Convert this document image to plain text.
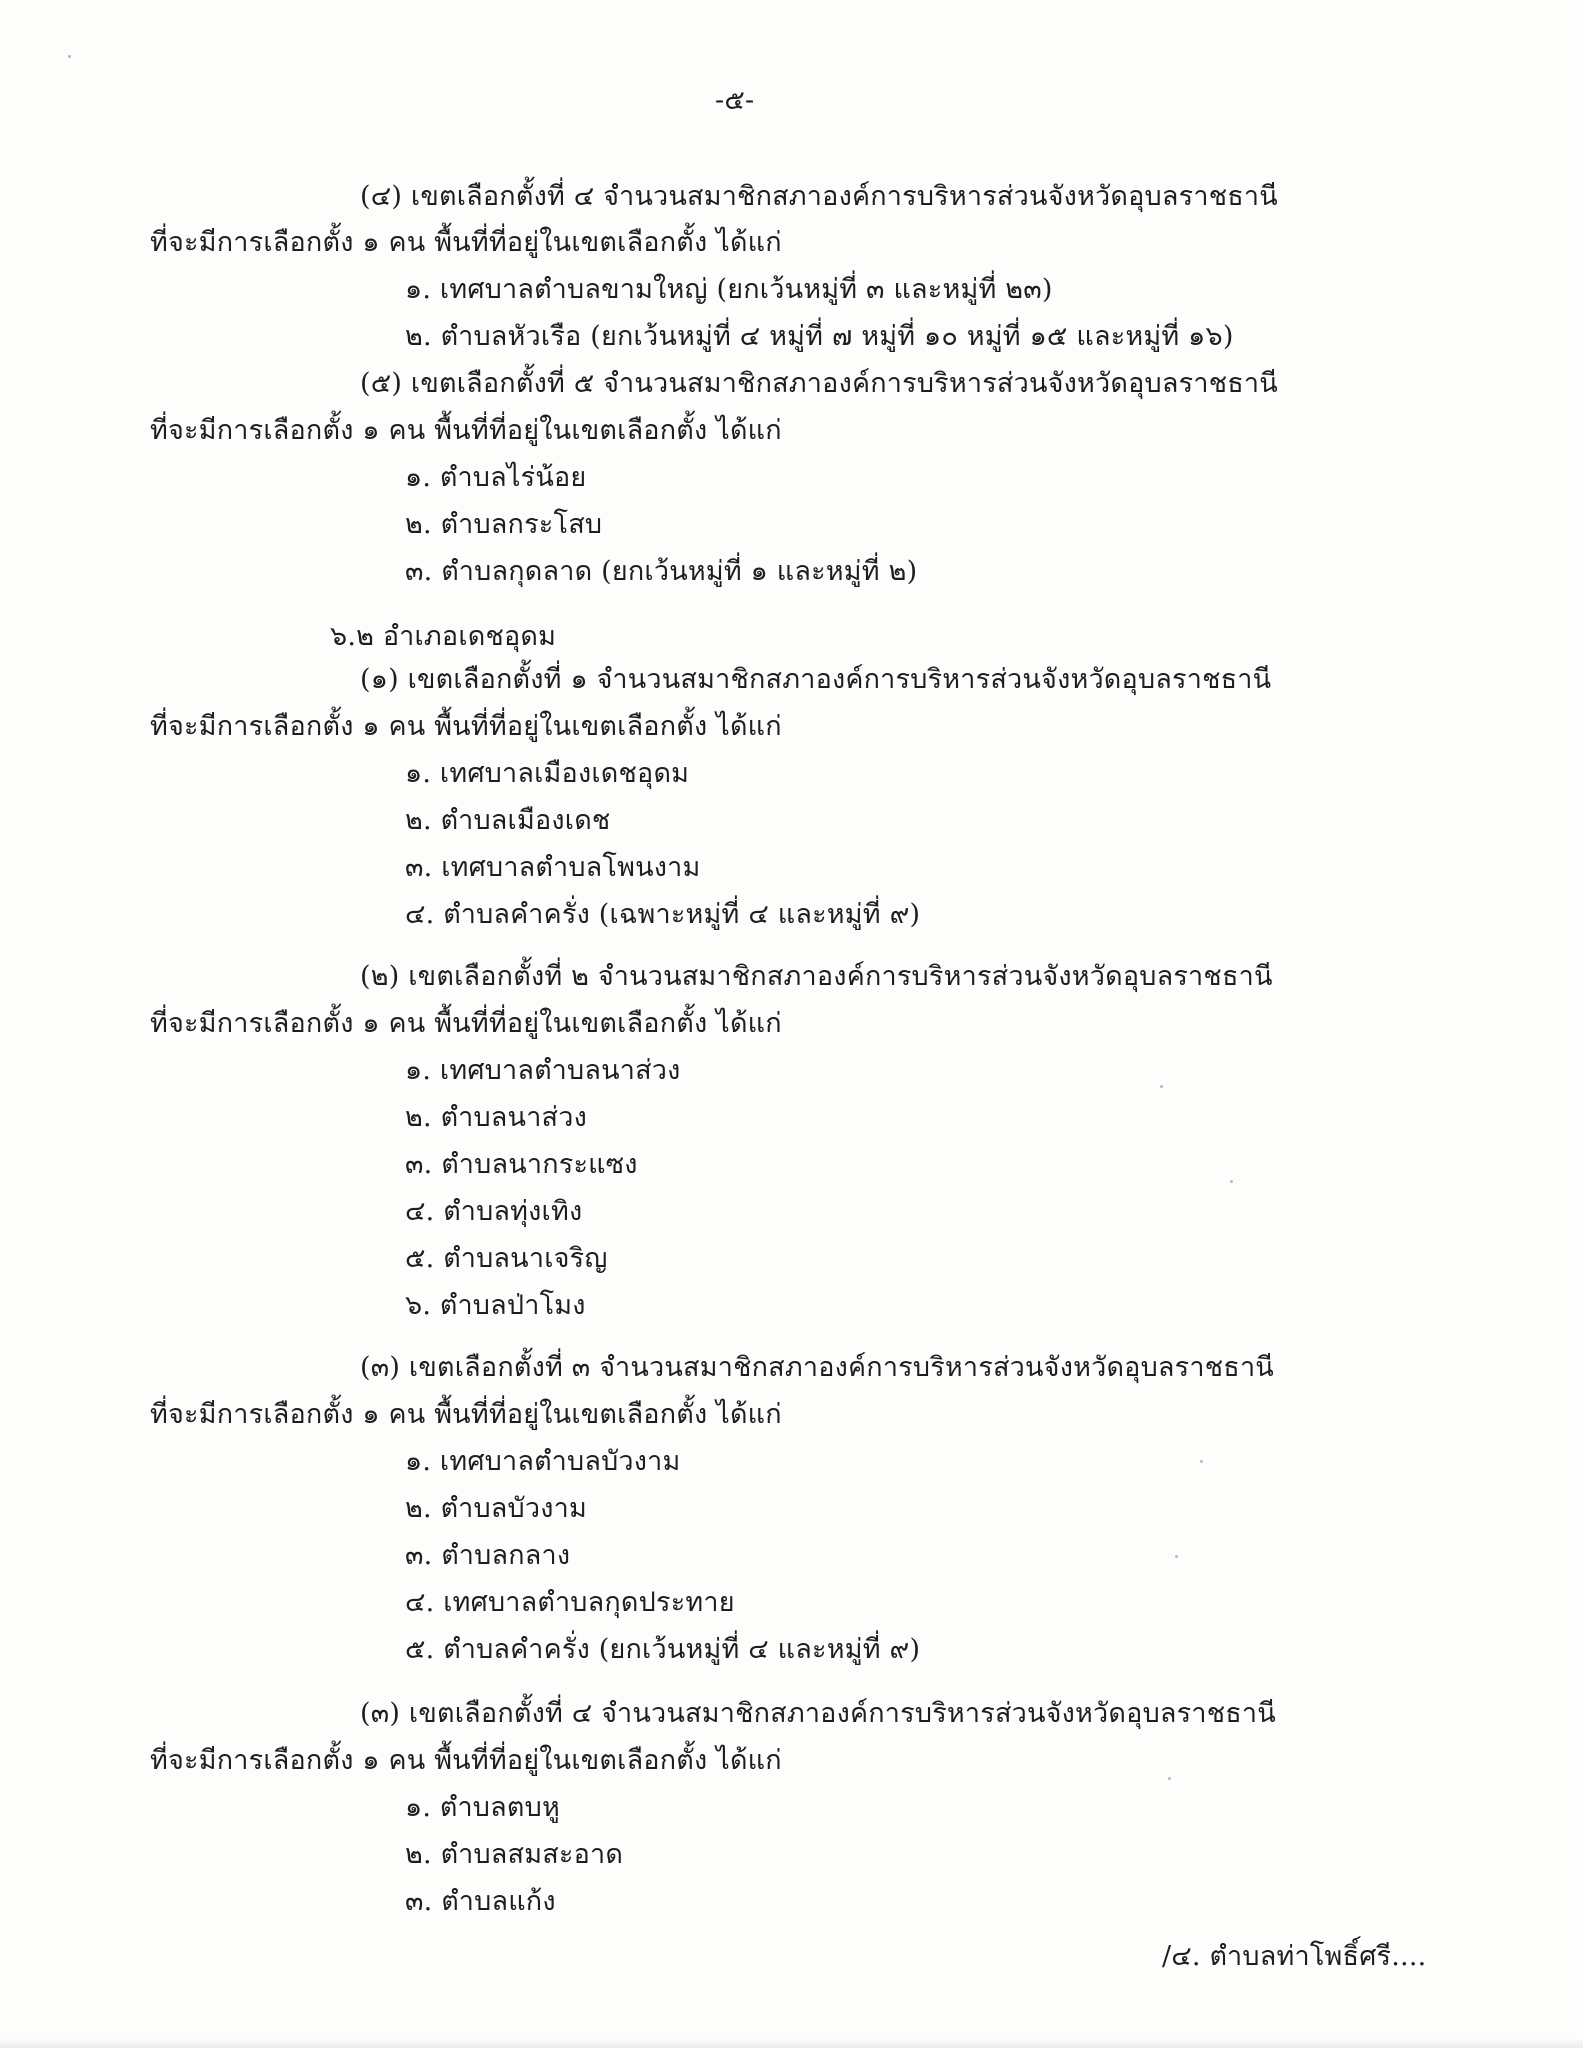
-๕-
(๔) เขตเลือกตั้งที่ ๔ จำนวนสมาชิกสภาองค์การบริหารส่วนจังหวัดอุบลราชธานี
ที่จะมีการเลือกตั้ง ๑ คน พื้นที่ที่อยู่ในเขตเลือกตั้ง ได้แก่
๑. เทศบาลตำบลขามใหญ่ (ยกเว้นหมู่ที่ ๓ และหมู่ที่ ๒๓)
๒. ตำบลหัวเรือ (ยกเว้นหมู่ที่ ๔ หมู่ที่ ๗ หมู่ที่ ๑๐ หมู่ที่ ๑๕ และหมู่ที่ ๑๖)
(๕) เขตเลือกตั้งที่ ๕ จำนวนสมาชิกสภาองค์การบริหารส่วนจังหวัดอุบลราชธานี
ที่จะมีการเลือกตั้ง ๑ คน พื้นที่ที่อยู่ในเขตเลือกตั้ง ได้แก่
๑. ตำบลไร่น้อย
๒. ตำบลกระโสบ
๓. ตำบลกุดลาด (ยกเว้นหมู่ที่ ๑ และหมู่ที่ ๒)
๖.๒ อำเภอเดชอุดม
(๑) เขตเลือกตั้งที่ ๑ จำนวนสมาชิกสภาองค์การบริหารส่วนจังหวัดอุบลราชธานี
ที่จะมีการเลือกตั้ง ๑ คน พื้นที่ที่อยู่ในเขตเลือกตั้ง ได้แก่
๑. เทศบาลเมืองเดชอุดม
๒. ตำบลเมืองเดช
๓. เทศบาลตำบลโพนงาม
๔. ตำบลคำครั่ง (เฉพาะหมู่ที่ ๔ และหมู่ที่ ๙)
(๒) เขตเลือกตั้งที่ ๒ จำนวนสมาชิกสภาองค์การบริหารส่วนจังหวัดอุบลราชธานี
ที่จะมีการเลือกตั้ง ๑ คน พื้นที่ที่อยู่ในเขตเลือกตั้ง ได้แก่
๑. เทศบาลตำบลนาส่วง
๒. ตำบลนาส่วง
๓. ตำบลนากระแซง
๔. ตำบลทุ่งเทิง
๕. ตำบลนาเจริญ
๖. ตำบลป่าโมง
(๓) เขตเลือกตั้งที่ ๓ จำนวนสมาชิกสภาองค์การบริหารส่วนจังหวัดอุบลราชธานี
ที่จะมีการเลือกตั้ง ๑ คน พื้นที่ที่อยู่ในเขตเลือกตั้ง ได้แก่
๑. เทศบาลตำบลบัวงาม
๒. ตำบลบัวงาม
๓. ตำบลกลาง
๔. เทศบาลตำบลกุดประทาย
๕. ตำบลคำครั่ง (ยกเว้นหมู่ที่ ๔ และหมู่ที่ ๙)
(๓) เขตเลือกตั้งที่ ๔ จำนวนสมาชิกสภาองค์การบริหารส่วนจังหวัดอุบลราชธานี
ที่จะมีการเลือกตั้ง ๑ คน พื้นที่ที่อยู่ในเขตเลือกตั้ง ได้แก่
๑. ตำบลตบหู
๒. ตำบลสมสะอาด
๓. ตำบลแก้ง
/๔. ตำบลท่าโพธิ์ศรี....
